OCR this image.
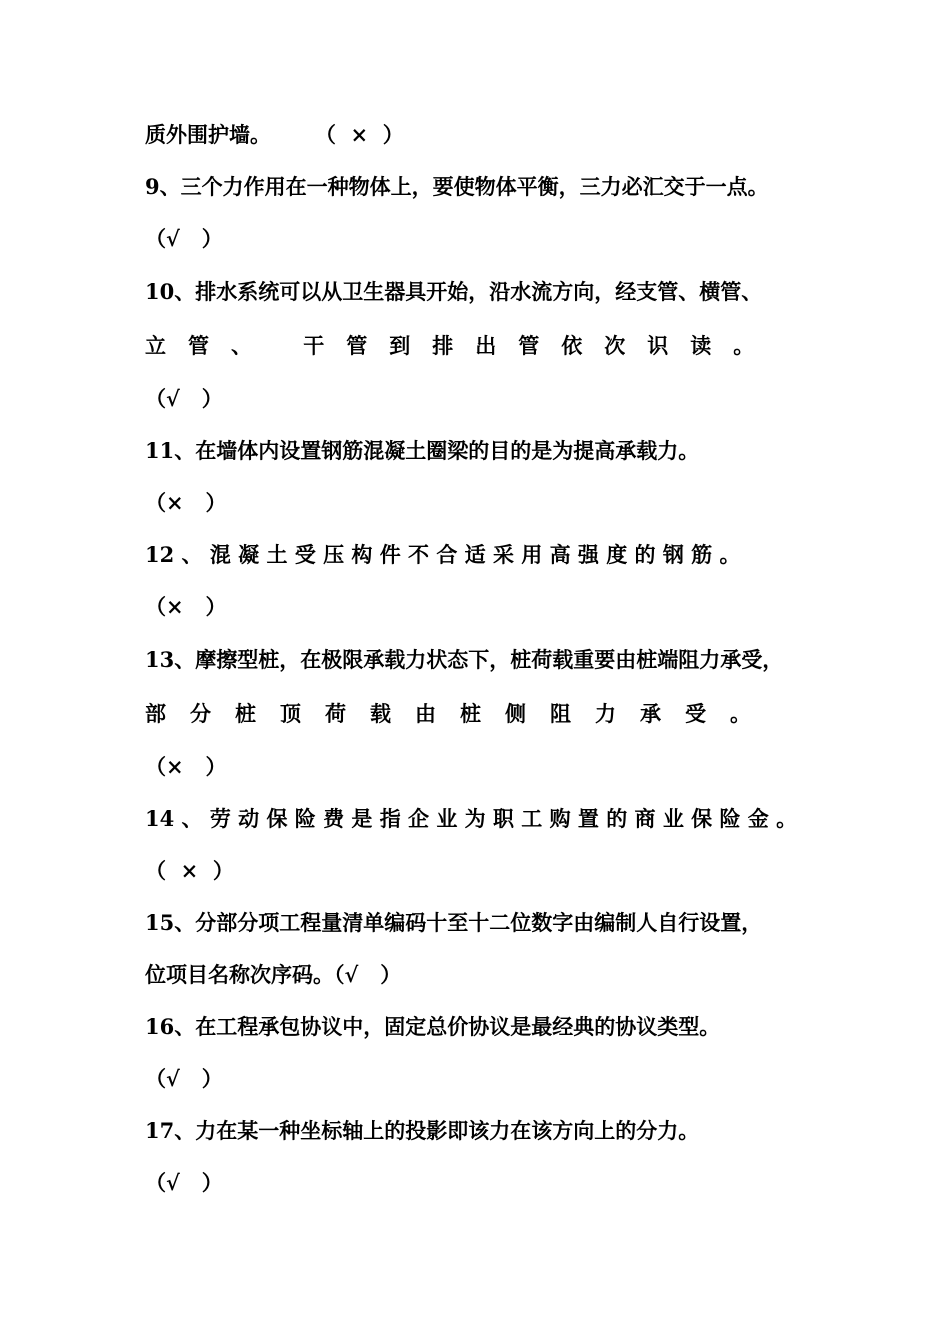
质外围护墙。      （  ×  ）
9、三个力作用在一种物体上，要使物体平衡，三力必汇交于一点。
（√   ）
10、排水系统可以从卫生器具开始，沿水流方向，经支管、横管、
立管、 干管到排出管依次识读。
（√   ）
11、在墙体内设置钢筋混凝土圈梁的目的是为提高承载力。
（×   ）
12 、 混 凝 土 受 压 构 件 不 合 适 采 用 高 强 度 的 钢 筋 。
（×   ）
13、摩擦型桩，在极限承载力状态下，桩荷载重要由桩端阻力承受，
部分桩顶荷载由桩侧阻力承受。
（×   ）
14 、 劳 动 保 险 费 是 指 企 业 为 职 工 购 置 的 商 业 保 险 金 。
（  ×  ）
15、分部分项工程量清单编码十至十二位数字由编制人自行设置，
位项目名称次序码。（√   ）
16、在工程承包协议中，固定总价协议是最经典的协议类型。
（√   ）
17、力在某一种坐标轴上的投影即该力在该方向上的分力。
（√   ）
